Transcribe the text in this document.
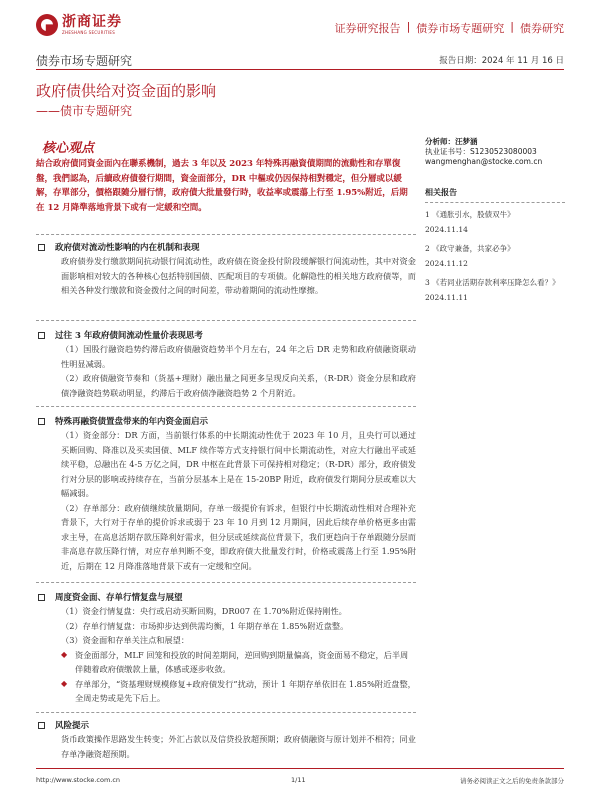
浙商证券
ZHESHANG SECURITIES	证券研究报告 | 债券市场专题研究 | 债券研究
债券市场专题研究	报告日期：2024 年 11 月 16 日
政府债供给对资金面的影响
——债市专题研究
核心观点
結合政府債同資金面內在聯系機制，過去 3 年以及 2023 年特殊再融資債期間的流動性和存單復盤，我們認為，后續政府債發行期間，資金面部分，DR 中樞或仍因保持相對穩定，但分層或以緩解，存單部分，價格跟隨分層行情，政府債大批量發行時，收益率或震蕩上行至 1.95%附近，后期在 12 月降準落地背景下或有一定緩和空間。
政府债对流动性影响的内在机制和表现

政府债券发行缴款期间抗动银行间流动性，政府债在资金投付阶段缓解银行间流动性，其中对资金面影响相对较大的各种核心包括特别国债、匹配项目的专项债。化解隐性的相关地方政府债等，而相关各种发行缴款和资金拨付之间的时间差，带动着期间的流动性摩擦。

过往 3 年政府债间流动性量价表现思考

（1）国股行融资趋势约滞后政府债融资趋势半个月左右，24 年之后 DR 走势和政府债融资联动性明显减弱。

（2）政府债融资节奏和（货基+理财）融出量之间更多呈现反向关系，（R-DR）资金分层和政府债净融资趋势联动明显，约滞后于政府债净融资趋势 2 个月附近。

特殊再融资债置盘带来的年内资金面启示

（1）资金部分：DR 方面，当前银行体系的中长期流动性优于 2023 年 10 月，且央行可以通过买断回购、降准以及买卖国债、MLF 续作等方式支持银行间中长期流动性，对应大行融出平或延续平稳，总融出在 4-5 万亿之间，DR 中枢在此背景下可保持相对稳定；（R-DR）部分，政府债发行对分层的影响或持续存在，当前分层基本上是在 15-20BP 附近，政府债发行期间分层或难以大幅减弱。

（2）存单部分：政府债继续放量期间，存单一级提价有诉求，但银行中长期流动性相对合理补充背景下，大行对于存单的提价诉求或弱于 23 年 10 月到 12 月期间，因此后续存单价格更多由需求主导，在高息活期存款压降利好需求，但分层或延续高位背景下，我们更趋向于存单跟随分层而非高息存款压降行情，对应存单判断不变，即政府债大批量发行时，价格或震荡上行至 1.95%附近，后期在 12 月降准落地背景下或有一定缓和空间。

周度资金面、存单行情复盘与展望

（1）资金行情复盘：央行或启动买断回购，DR007 在 1.70%附近保持刚性。

（2）存单行情复盘：市场抑步达到供需均衡，1 年期存单在 1.85%附近盘整。

（3）资金面和存单关注点和展望：

◆ 资金面部分，MLF 回笼和投放的时间差期间，逆回购到期量偏高，资金面易不稳定，后半周伴随着政府债缴款上量，体感或逐步收敛。
◆ 存单部分，“资基理财规模修复+政府债发行”扰动，预计 1 年期存单依旧在 1.85%附近盘整，全周走势或是先下后上。
风险提示

货币政策操作思路发生转变；外汇占款以及信贷投放超预期；政府债融资与原计划并不相符；同业存单净融资超预期。

分析师：汪梦涵
执业证书号：S1230523080003
wangmenghan@stocke.com.cn
相关报告
1 《通胀引水，股债双牛》
2024.11.14
2 《政守兼备，共家必争》
2024.11.12
3 《若同业活期存款利率压降怎么看？》
2024.11.11
http://www.stocke.com.cn	1/11	请务必阅读正文之后的免责条款部分
